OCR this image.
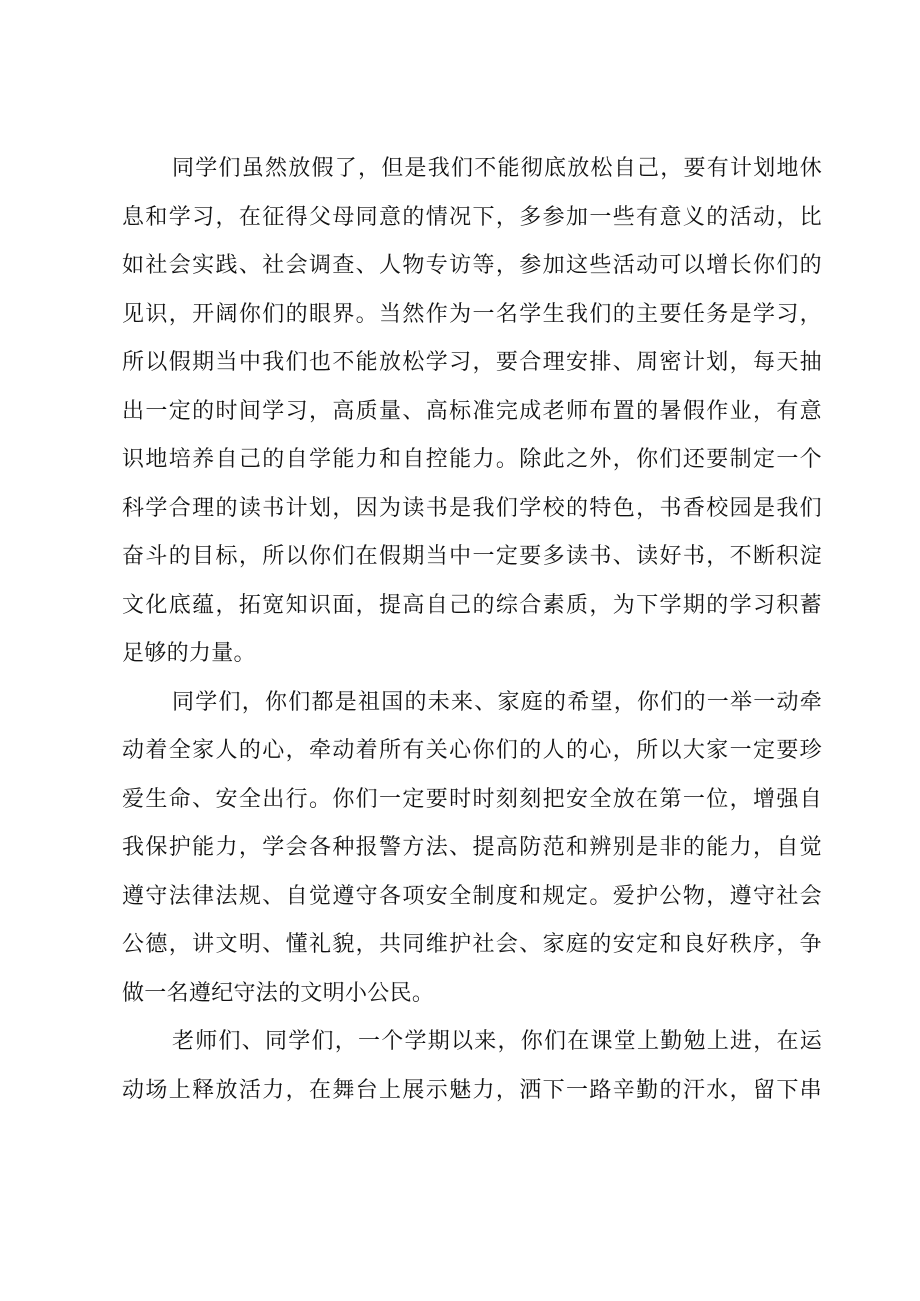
同学们虽然放假了，但是我们不能彻底放松自己，要有计划地休
息和学习，在征得父母同意的情况下，多参加一些有意义的活动，比
如社会实践、社会调查、人物专访等，参加这些活动可以增长你们的
见识，开阔你们的眼界。当然作为一名学生我们的主要任务是学习，
所以假期当中我们也不能放松学习，要合理安排、周密计划，每天抽
出一定的时间学习，高质量、高标准完成老师布置的暑假作业，有意
识地培养自己的自学能力和自控能力。除此之外，你们还要制定一个
科学合理的读书计划，因为读书是我们学校的特色，书香校园是我们
奋斗的目标，所以你们在假期当中一定要多读书、读好书，不断积淀
文化底蕴，拓宽知识面，提高自己的综合素质，为下学期的学习积蓄
足够的力量。
同学们，你们都是祖国的未来、家庭的希望，你们的一举一动牵
动着全家人的心，牵动着所有关心你们的人的心，所以大家一定要珍
爱生命、安全出行。你们一定要时时刻刻把安全放在第一位，增强自
我保护能力，学会各种报警方法、提高防范和辨别是非的能力，自觉
遵守法律法规、自觉遵守各项安全制度和规定。爱护公物，遵守社会
公德，讲文明、懂礼貌，共同维护社会、家庭的安定和良好秩序，争
做一名遵纪守法的文明小公民。
老师们、同学们，一个学期以来，你们在课堂上勤勉上进，在运
动场上释放活力，在舞台上展示魅力，洒下一路辛勤的汗水，留下串
